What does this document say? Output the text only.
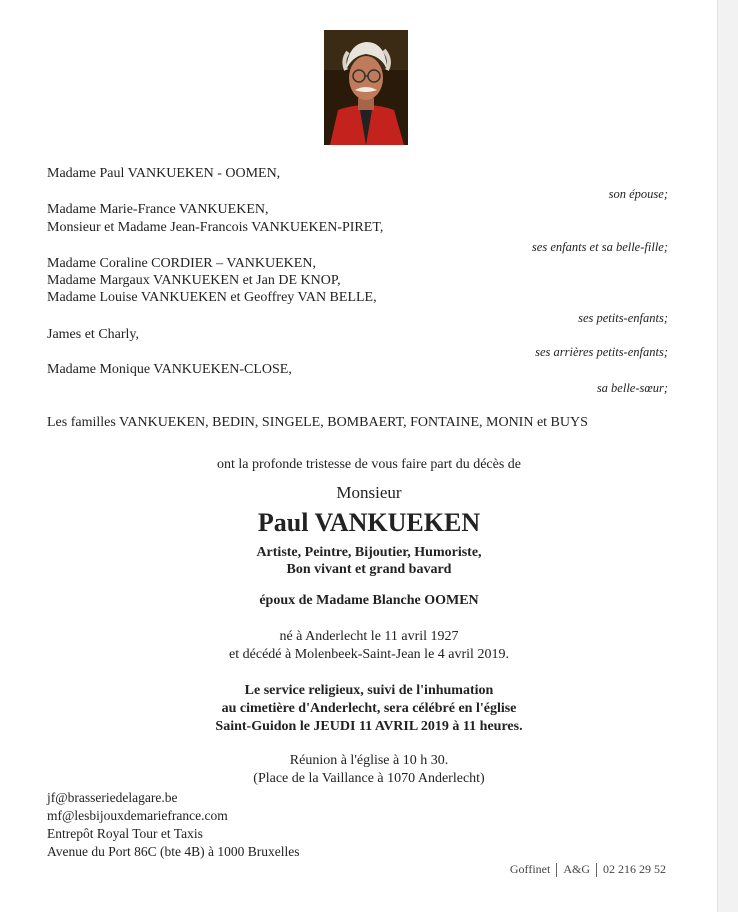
Madame Paul VANKUEKEN - OOMEN,
son épouse;
Madame Marie-France VANKUEKEN,
Monsieur et Madame Jean-Francois VANKUEKEN-PIRET,
ses enfants et sa belle-fille;
Madame Coraline CORDIER – VANKUEKEN,
Madame Margaux VANKUEKEN et Jan DE KNOP,
Madame Louise VANKUEKEN et Geoffrey VAN BELLE,
ses petits-enfants;
James et Charly,
ses arrières petits-enfants;
Madame Monique VANKUEKEN-CLOSE,
sa belle-sœur;
Les familles VANKUEKEN, BEDIN, SINGELE, BOMBAERT, FONTAINE, MONIN et BUYS
ont la profonde tristesse de vous faire part du décès de
Monsieur
Paul VANKUEKEN
Artiste, Peintre, Bijoutier, Humoriste,
Bon vivant et grand bavard
époux de Madame Blanche OOMEN
né à Anderlecht le 11 avril 1927
et décédé à Molenbeek-Saint-Jean le 4 avril 2019.
Le service religieux, suivi de l'inhumation
au cimetière d'Anderlecht, sera célébré en l'église
Saint-Guidon le JEUDI 11 AVRIL 2019 à 11 heures.
Réunion à l'église à 10 h 30.
(Place de la Vaillance à 1070 Anderlecht)
jf@brasseriedelagare.be
mf@lesbijouxdemariefrance.com
Entrepôt Royal Tour et Taxis
Avenue du Port 86C (bte 4B) à 1000 Bruxelles
Goffinet A&G 02 216 29 52
